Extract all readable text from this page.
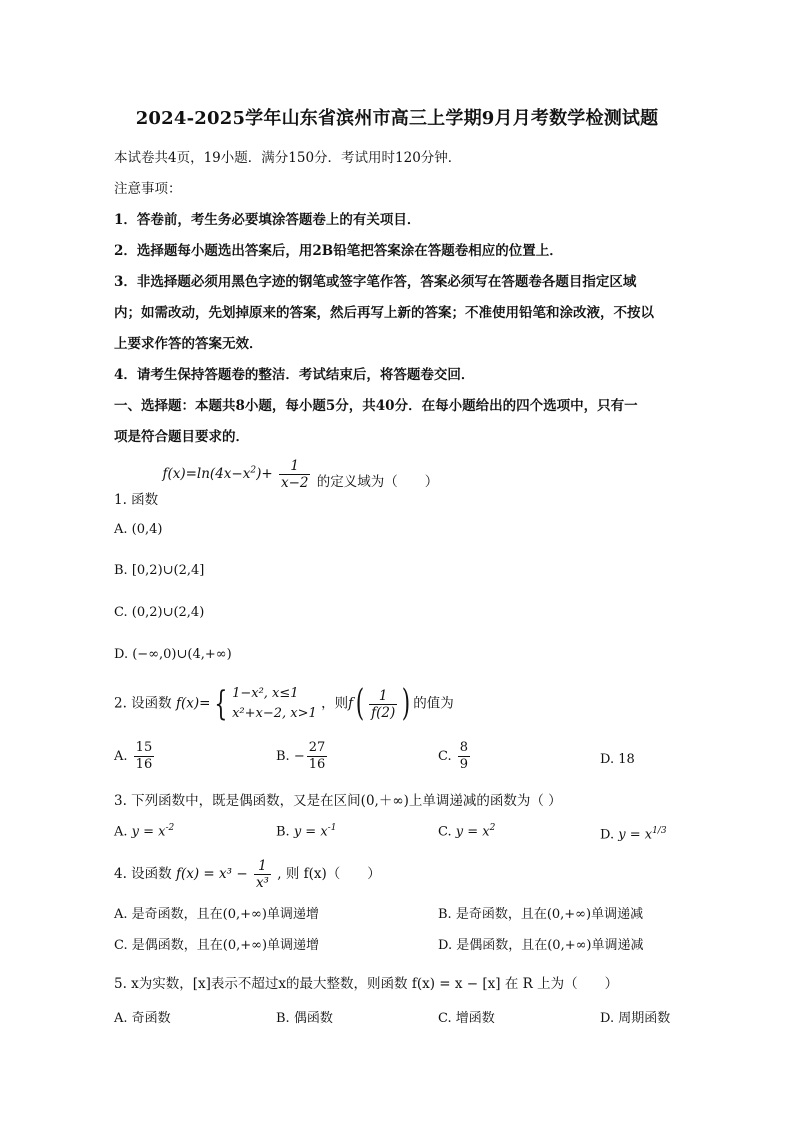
2024-2025学年山东省滨州市高三上学期9月月考数学检测试题
本试卷共4页，19小题．满分150分．考试用时120分钟．
注意事项：
1．答卷前，考生务必要填涂答题卷上的有关项目．
2．选择题每小题选出答案后，用2B铅笔把答案涂在答题卷相应的位置上．
3．非选择题必须用黑色字迹的钢笔或签字笔作答，答案必须写在答题卷各题目指定区域
内；如需改动，先划掉原来的答案，然后再写上新的答案；不准使用铅笔和涂改液，不按以
上要求作答的答案无效．
4．请考生保持答题卷的整洁．考试结束后，将答题卷交回．
一、选择题：本题共8小题，每小题5分，共40分．在每小题给出的四个选项中，只有一
项是符合题目要求的．
1. 函数 $f(x)=\ln(4x-x^2)+ \frac{1}{x-2}$ 的定义域为（　　）
A. (0,4)
B. [0,2)∪(2,4]
C. (0,2)∪(2,4)
D. (−∞,0)∪(4,+∞)
2. 设函数 f(x)= { 1−x², x≤1
x²+x−2, x>1
，则$f( \frac{1}{f(2)}$ ) 的值为
A. $\frac{15}{16}$	B. − $\frac{27}{16}$	C. $\frac{8}{9}$	D. 18
3. 下列函数中，既是偶函数，又是在区间(0,＋∞)上单调递减的函数为（ ）
A. $y = x^{-2}$	B. $y = x^{-1}$	C. $y = x^2$	D. $y = x^{1/3}$
4. 设函数 $f(x) = x^3 - \frac{1}{\text{x³}}$ , 则 f(x)（　　）
A. 是奇函数，且在(0,+∞)单调递增	B. 是奇函数，且在(0,+∞)单调递减
C. 是偶函数，且在(0,+∞)单调递增	D. 是偶函数，且在(0,+∞)单调递减
5. x为实数，[x]表示不超过x的最大整数，则函数 f(x) = x − [x] 在 R 上为（　　）
A. 奇函数	B. 偶函数	C. 增函数	D. 周期函数
